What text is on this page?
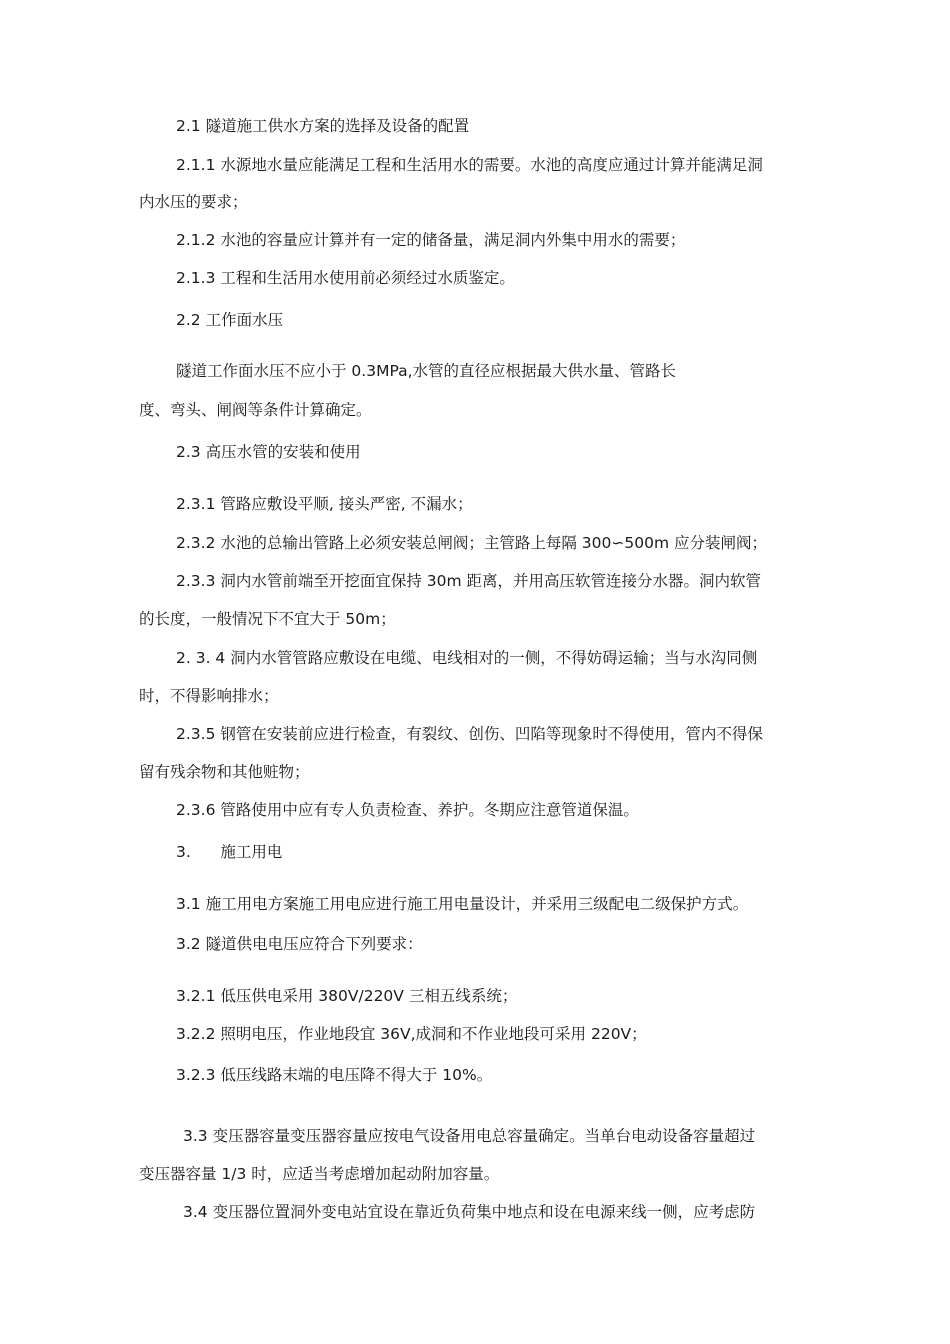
2.1 隧道施工供水方案的选择及设备的配置
2.1.1 水源地水量应能满足工程和生活用水的需要。水池的高度应通过计算并能满足洞
内水压的要求；
2.1.2 水池的容量应计算并有一定的储备量，满足洞内外集中用水的需要；
2.1.3 工程和生活用水使用前必须经过水质鉴定。
2.2 工作面水压
隧道工作面水压不应小于 0.3MPa,水管的直径应根据最大供水量、管路长
度、弯头、闸阀等条件计算确定。
2.3 高压水管的安装和使用
2.3.1 管路应敷设平顺, 接头严密, 不漏水；
2.3.2 水池的总输出管路上必须安装总闸阀；主管路上每隔 300∽500m 应分装闸阀；
2.3.3 洞内水管前端至开挖面宜保持 30m 距离，并用高压软管连接分水器。洞内软管
的长度，一般情况下不宜大于 50m；
2. 3. 4 洞内水管管路应敷设在电缆、电线相对的一侧，不得妨碍运输；当与水沟同侧
时，不得影响排水；
2.3.5 钢管在安装前应进行检查，有裂纹、创伤、凹陷等现象时不得使用，管内不得保
留有残余物和其他赃物；
2.3.6 管路使用中应有专人负责检查、养护。冬期应注意管道保温。
3.      施工用电
3.1 施工用电方案施工用电应进行施工用电量设计，并采用三级配电二级保护方式。
3.2 隧道供电电压应符合下列要求：
3.2.1 低压供电采用 380V/220V 三相五线系统；
3.2.2 照明电压，作业地段宜 36V,成洞和不作业地段可采用 220V；
3.2.3 低压线路末端的电压降不得大于 10%。
3.3 变压器容量变压器容量应按电气设备用电总容量确定。当单台电动设备容量超过
变压器容量 1/3 时，应适当考虑增加起动附加容量。
3.4 变压器位置洞外变电站宜设在靠近负荷集中地点和设在电源来线一侧，应考虑防
